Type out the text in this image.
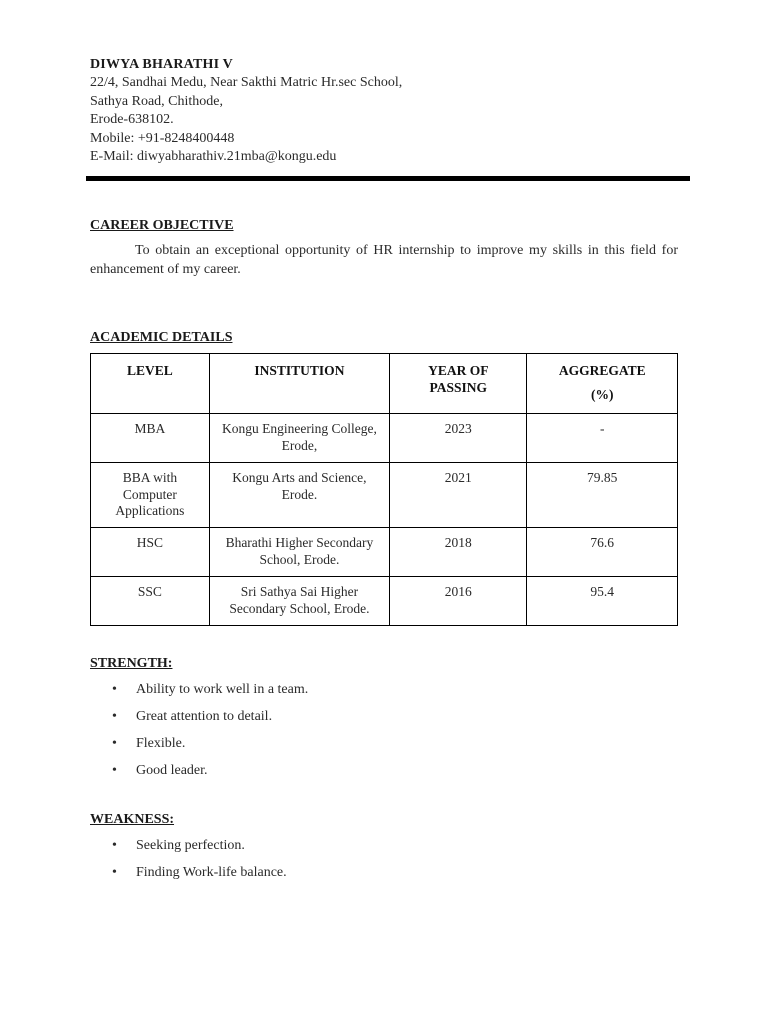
DIWYA BHARATHI V
22/4, Sandhai Medu, Near Sakthi Matric Hr.sec School,
Sathya Road, Chithode,
Erode-638102.
Mobile: +91-8248400448
E-Mail: diwyabharathiv.21mba@kongu.edu
CAREER OBJECTIVE
To obtain an exceptional opportunity of HR internship to improve my skills in this field for enhancement of my career.
ACADEMIC DETAILS
LEVEL	INSTITUTION	YEAR OF PASSING	AGGREGATE
(%)

MBA	Kongu Engineering College, Erode,	2023	-
BBA with Computer Applications	Kongu Arts and Science, Erode.	2021	79.85
HSC	Bharathi Higher Secondary School, Erode.	2018	76.6
SSC	Sri Sathya Sai Higher Secondary School, Erode.	2016	95.4
STRENGTH:
• Ability to work well in a team.
• Great attention to detail.
• Flexible.
• Good leader.
WEAKNESS:
• Seeking perfection.
• Finding Work-life balance.
